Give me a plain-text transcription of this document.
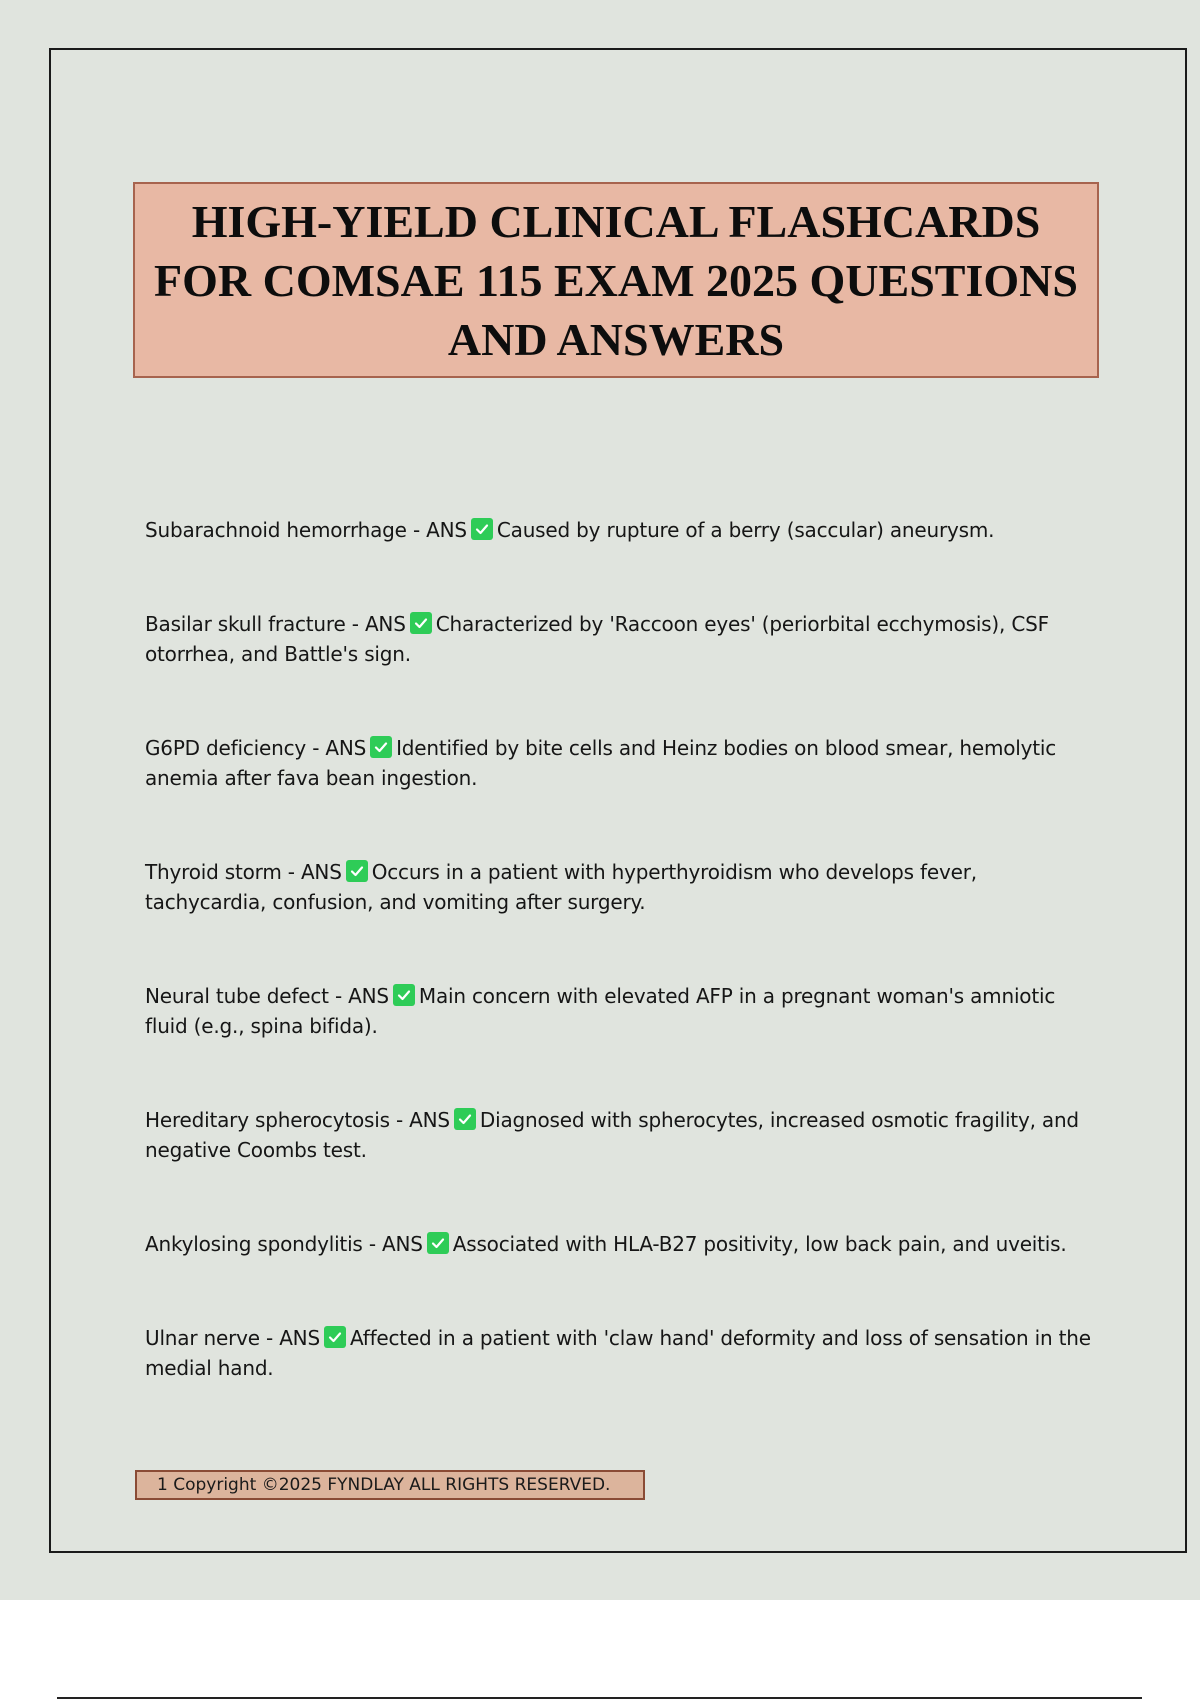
HIGH-YIELD CLINICAL FLASHCARDS FOR COMSAE 115 EXAM 2025 QUESTIONS AND ANSWERS
Subarachnoid hemorrhage - ANS Caused by rupture of a berry (saccular) aneurysm.
Basilar skull fracture - ANS Characterized by 'Raccoon eyes' (periorbital ecchymosis), CSF otorrhea, and Battle's sign.
G6PD deficiency - ANS Identified by bite cells and Heinz bodies on blood smear, hemolytic anemia after fava bean ingestion.
Thyroid storm - ANS Occurs in a patient with hyperthyroidism who develops fever, tachycardia, confusion, and vomiting after surgery.
Neural tube defect - ANS Main concern with elevated AFP in a pregnant woman's amniotic fluid (e.g., spina bifida).
Hereditary spherocytosis - ANS Diagnosed with spherocytes, increased osmotic fragility, and negative Coombs test.
Ankylosing spondylitis - ANS Associated with HLA-B27 positivity, low back pain, and uveitis.
Ulnar nerve - ANS Affected in a patient with 'claw hand' deformity and loss of sensation in the medial hand.
1 Copyright ©2025 FYNDLAY ALL RIGHTS RESERVED.
